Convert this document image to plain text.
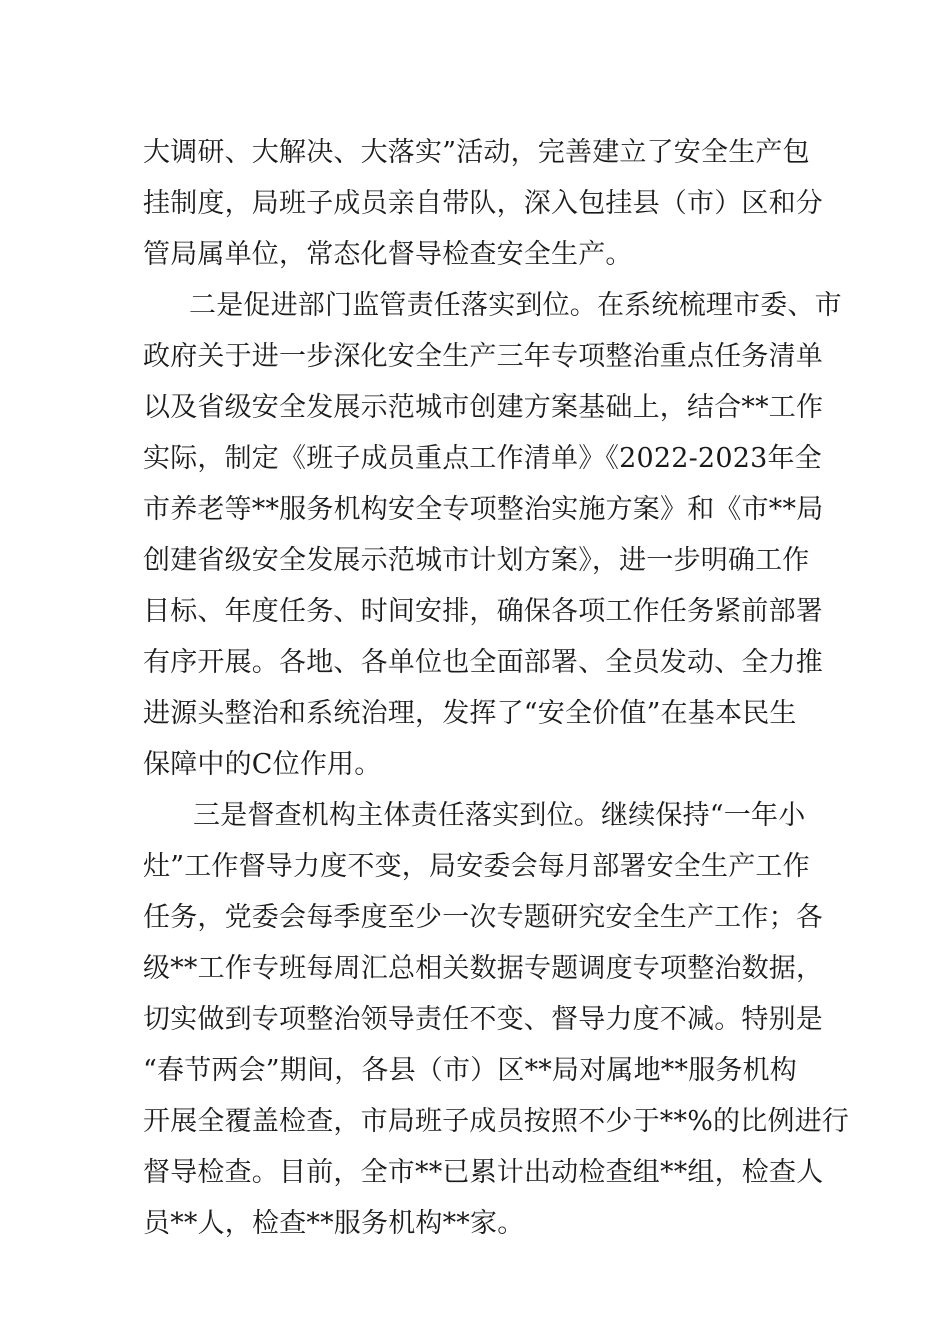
大调研、大解决、大落实”活动，完善建立了安全生产包
挂制度，局班子成员亲自带队，深入包挂县（市）区和分
管局属单位，常态化督导检查安全生产。

二是促进部门监管责任落实到位。在系统梳理市委、市
政府关于进一步深化安全生产三年专项整治重点任务清单
以及省级安全发展示范城市创建方案基础上，结合**工作
实际，制定《班子成员重点工作清单》《2022-2023年全
市养老等**服务机构安全专项整治实施方案》和《市**局
创建省级安全发展示范城市计划方案》，进一步明确工作
目标、年度任务、时间安排，确保各项工作任务紧前部署
有序开展。各地、各单位也全面部署、全员发动、全力推
进源头整治和系统治理，发挥了“安全价值”在基本民生
保障中的C位作用。

三是督查机构主体责任落实到位。继续保持“一年小
灶”工作督导力度不变，局安委会每月部署安全生产工作
任务，党委会每季度至少一次专题研究安全生产工作；各
级**工作专班每周汇总相关数据专题调度专项整治数据，
切实做到专项整治领导责任不变、督导力度不减。特别是
“春节两会”期间，各县（市）区**局对属地**服务机构
开展全覆盖检查，市局班子成员按照不少于**%的比例进行
督导检查。目前，全市**已累计出动检查组**组，检查人
员**人，检查**服务机构**家。
